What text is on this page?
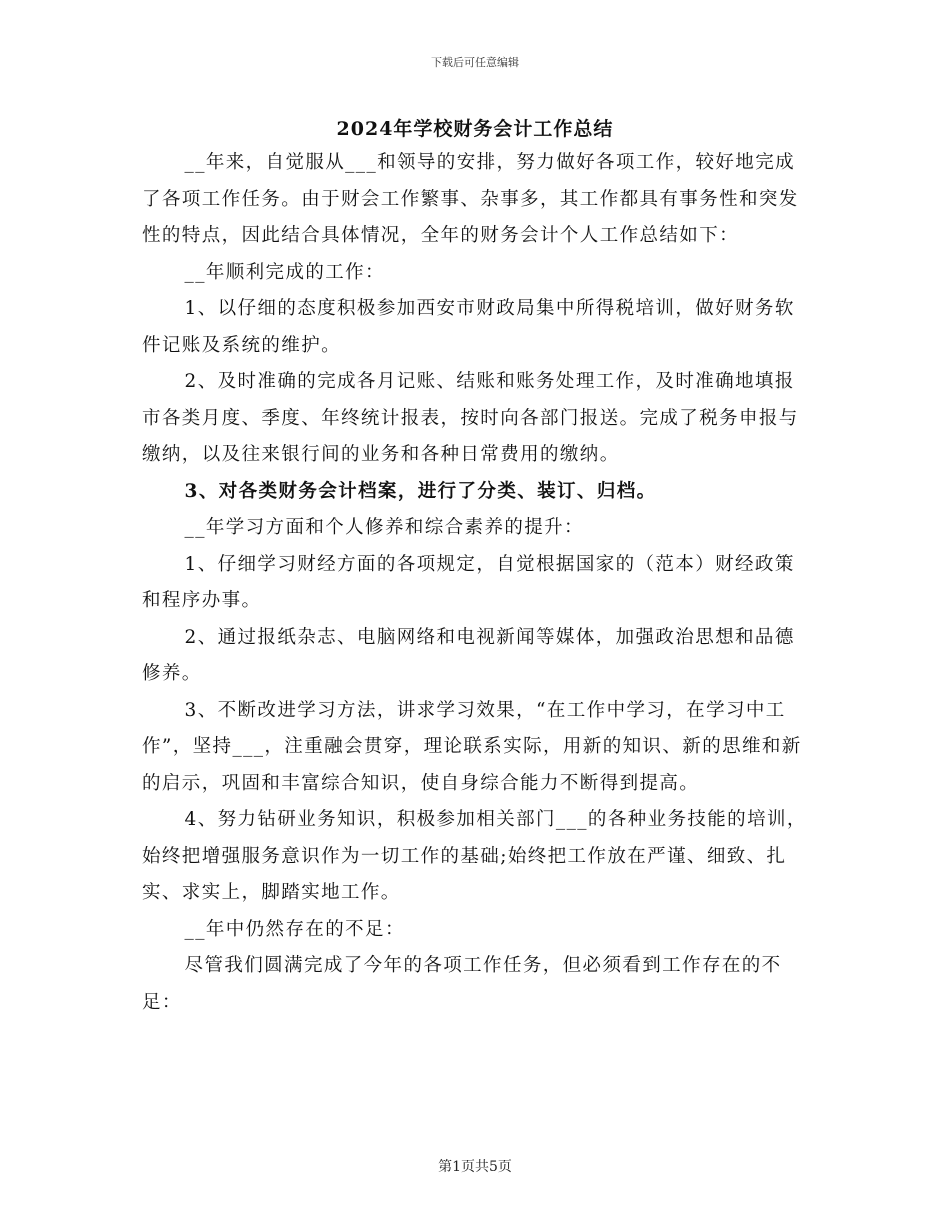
下载后可任意编辑
2024年学校财务会计工作总结

__年来，自觉服从___和领导的安排，努力做好各项工作，较好地完成了各项工作任务。由于财会工作繁事、杂事多，其工作都具有事务性和突发性的特点，因此结合具体情况，全年的财务会计个人工作总结如下：

__年顺利完成的工作：

1、以仔细的态度积极参加西安市财政局集中所得税培训，做好财务软件记账及系统的维护。

2、及时准确的完成各月记账、结账和账务处理工作，及时准确地填报市各类月度、季度、年终统计报表，按时向各部门报送。完成了税务申报与缴纳，以及往来银行间的业务和各种日常费用的缴纳。

3、对各类财务会计档案，进行了分类、装订、归档。

__年学习方面和个人修养和综合素养的提升：

1、仔细学习财经方面的各项规定，自觉根据国家的（范本）财经政策和程序办事。

2、通过报纸杂志、电脑网络和电视新闻等媒体，加强政治思想和品德修养。

3、不断改进学习方法，讲求学习效果，“在工作中学习，在学习中工作”，坚持___，注重融会贯穿，理论联系实际，用新的知识、新的思维和新的启示，巩固和丰富综合知识，使自身综合能力不断得到提高。

4、努力钻研业务知识，积极参加相关部门___的各种业务技能的培训，始终把增强服务意识作为一切工作的基础;始终把工作放在严谨、细致、扎实、求实上，脚踏实地工作。

__年中仍然存在的不足：

尽管我们圆满完成了今年的各项工作任务，但必须看到工作存在的不足：

第1页共5页
